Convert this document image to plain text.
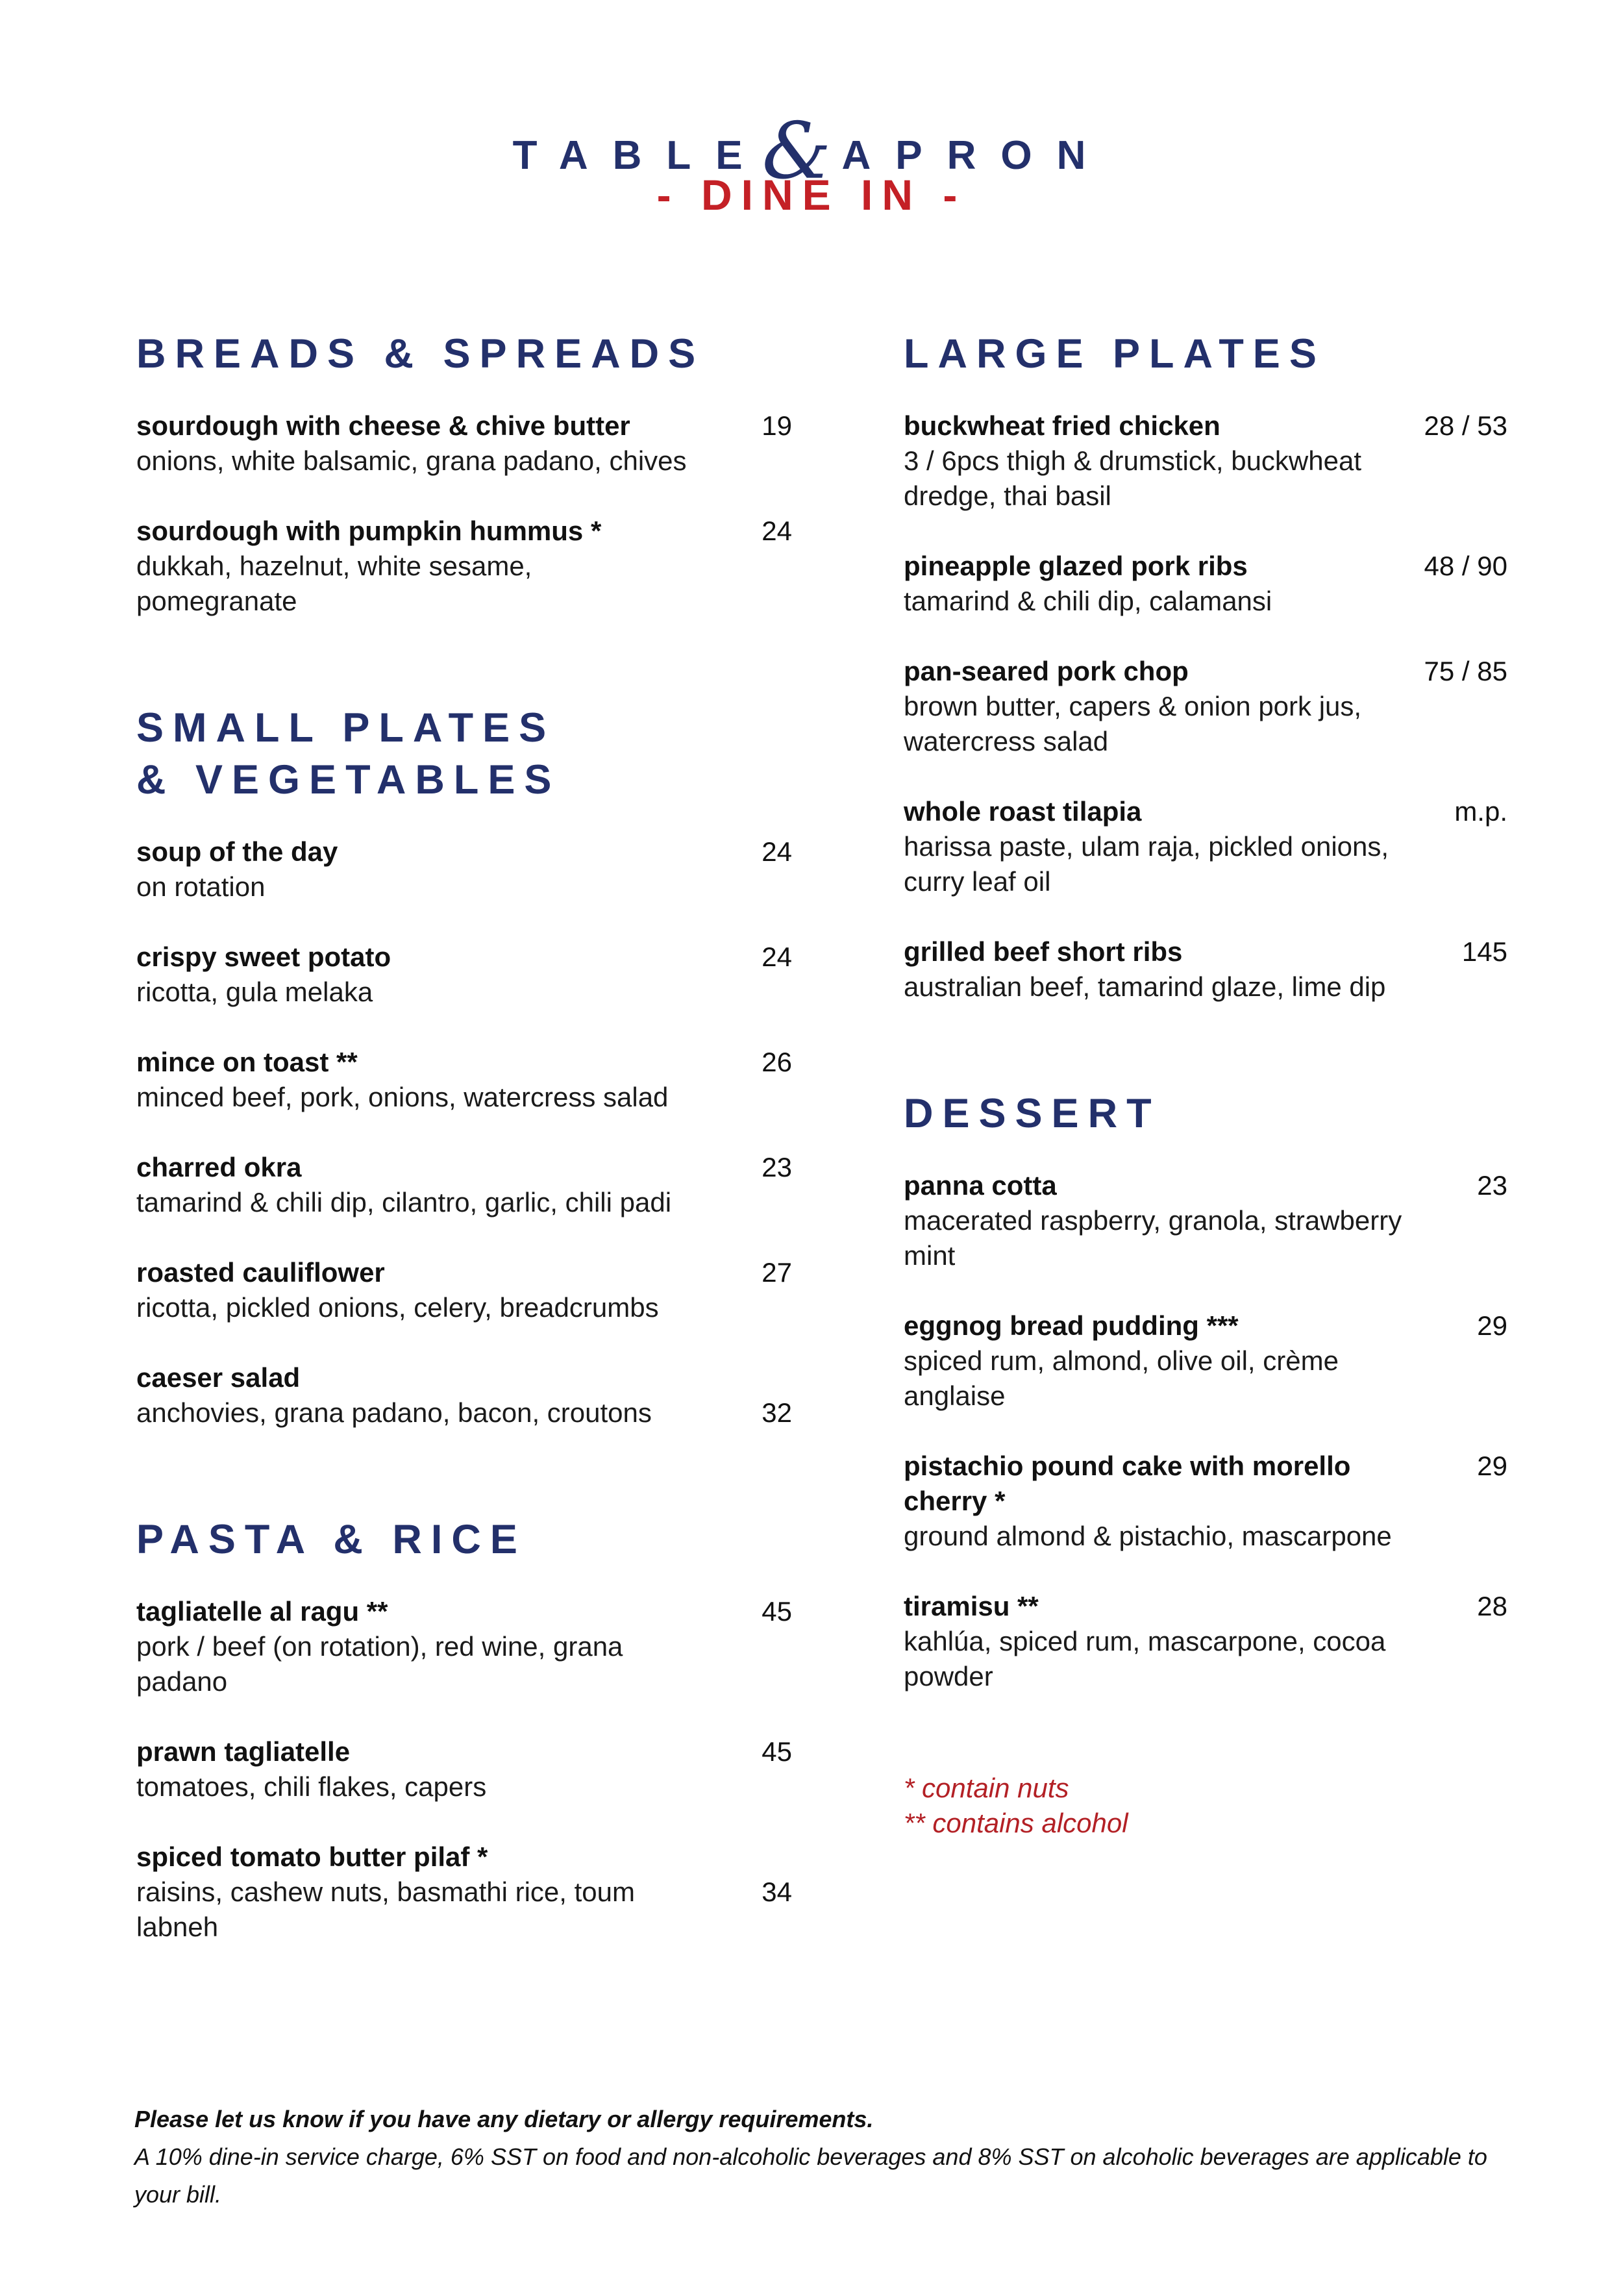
TABLE& APRON
- DINE IN -
BREADS & SPREADS
sourdough with cheese & chive butter
onions, white balsamic, grana padano, chives
19
sourdough with pumpkin hummus *
dukkah, hazelnut, white sesame, pomegranate
24
SMALL PLATES
& VEGETABLES
soup of the day
on rotation
24
crispy sweet potato
ricotta, gula melaka
24
mince on toast **
minced beef, pork, onions, watercress salad
26
charred okra
tamarind & chili dip, cilantro, garlic, chili padi
23
roasted cauliflower
ricotta, pickled onions, celery, breadcrumbs
27
caeser salad
anchovies, grana padano, bacon, croutons	32
PASTA & RICE
tagliatelle al ragu **
pork / beef (on rotation), red wine, grana padano
45
prawn tagliatelle
tomatoes, chili flakes, capers
45
spiced tomato butter pilaf *
raisins, cashew nuts, basmathi rice, toum labneh
34
LARGE PLATES
buckwheat fried chicken
3 / 6pcs thigh & drumstick, buckwheat dredge, thai basil
28 / 53
pineapple glazed pork ribs
tamarind & chili dip, calamansi
48 / 90
pan-seared pork chop
brown butter, capers & onion pork jus, watercress salad
75 / 85
whole roast tilapia
harissa paste, ulam raja, pickled onions, curry leaf oil
m.p.
grilled beef short ribs
australian beef, tamarind glaze, lime dip
145
DESSERT
panna cotta
macerated raspberry, granola, strawberry mint
23
eggnog bread pudding ***
spiced rum, almond, olive oil, crème anglaise
29
pistachio pound cake with morello cherry *
ground almond & pistachio, mascarpone
29
tiramisu **
kahlúa, spiced rum, mascarpone, cocoa powder
28
* contain nuts
** contains alcohol
Please let us know if you have any dietary or allergy requirements.
A 10% dine-in service charge, 6% SST on food and non-alcoholic beverages and 8% SST on alcoholic beverages are applicable to your bill.
